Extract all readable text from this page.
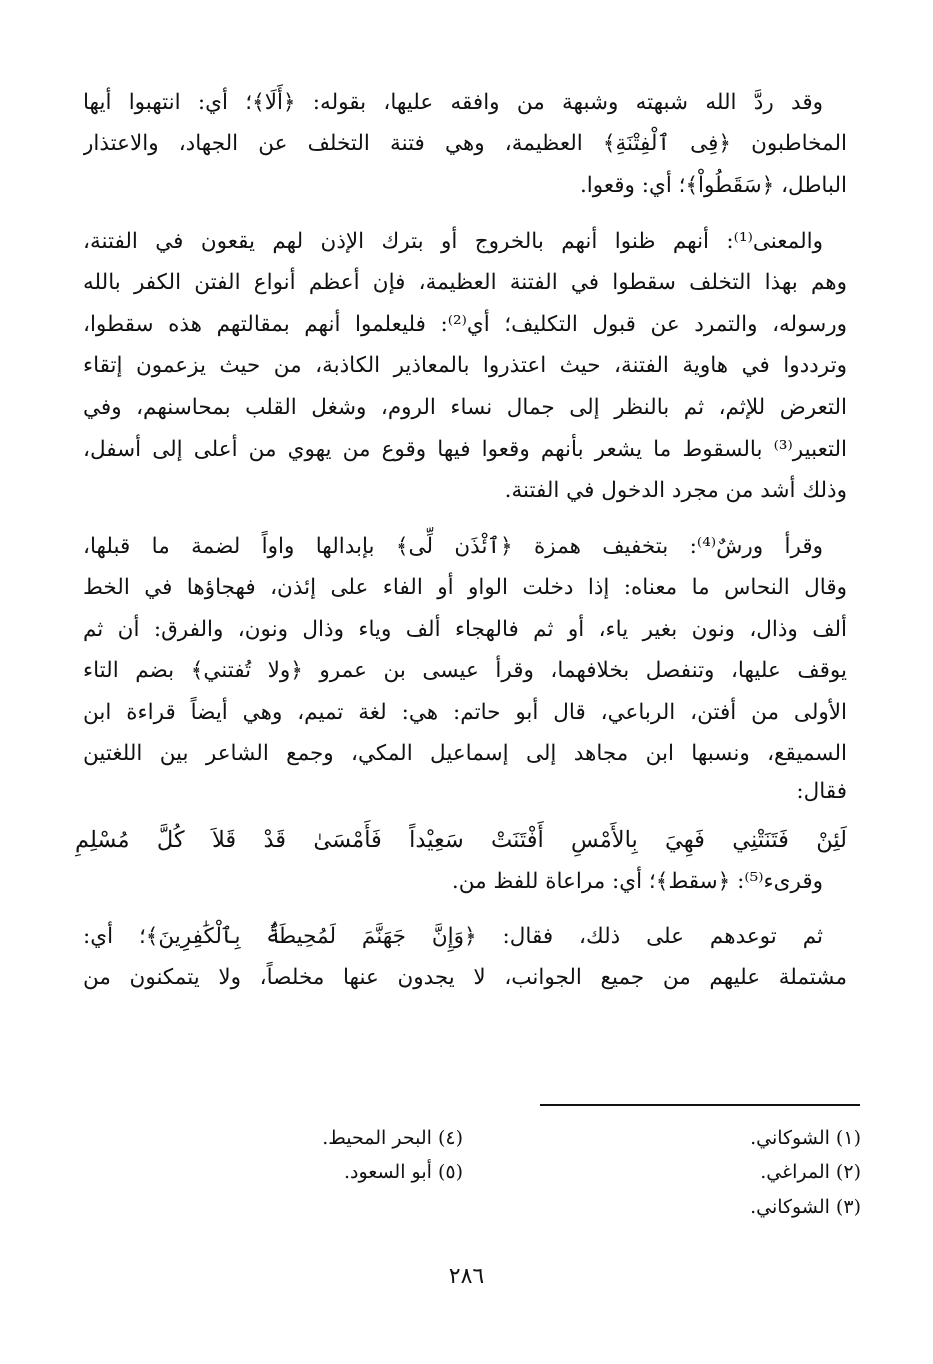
وقد ردَّ الله شبهته وشبهة من وافقه عليها، بقوله: ﴿أَلَا﴾؛ أي: انتهبوا أيها
المخاطبون ﴿فِى ٱلْفِتْنَةِ﴾ العظيمة، وهي فتنة التخلف عن الجهاد، والاعتذار
الباطل، ﴿سَقَطُواْ﴾؛ أي: وقعوا.
والمعنى⁽¹⁾: أنهم ظنوا أنهم بالخروج أو بترك الإذن لهم يقعون في الفتنة،
وهم بهذا التخلف سقطوا في الفتنة العظيمة، فإن أعظم أنواع الفتن الكفر بالله
ورسوله، والتمرد عن قبول التكليف؛ أي⁽²⁾: فليعلموا أنهم بمقالتهم هذه سقطوا،
وترددوا في هاوية الفتنة، حيث اعتذروا بالمعاذير الكاذبة، من حيث يزعمون إتقاء
التعرض للإثم، ثم بالنظر إلى جمال نساء الروم، وشغل القلب بمحاسنهم، وفي
التعبير⁽³⁾ بالسقوط ما يشعر بأنهم وقعوا فيها وقوع من يهوي من أعلى إلى أسفل،
وذلك أشد من مجرد الدخول في الفتنة.
وقرأ ورشٌ⁽⁴⁾: بتخفيف همزة ﴿ٱئْذَن لِّى﴾ بإبدالها واواً لضمة ما قبلها،
وقال النحاس ما معناه: إذا دخلت الواو أو الفاء على إئذن، فهجاؤها في الخط
ألف وذال، ونون بغير ياء، أو ثم فالهجاء ألف وياء وذال ونون، والفرق: أن ثم
يوقف عليها، وتنفصل بخلافهما، وقرأ عيسى بن عمرو ﴿ولا تُفتني﴾ بضم التاء
الأولى من أفتن، الرباعي، قال أبو حاتم: هي: لغة تميم، وهي أيضاً قراءة ابن
السميقع، ونسبها ابن مجاهد إلى إسماعيل المكي، وجمع الشاعر بين اللغتين
فقال:
لَئِنْ فَتَنَتْنِي فَهِيَ بِالأَمْسِ أَفْتَنَتْ سَعِيْداً فَأَمْسَىٰ قَدْ قَلاَ كُلَّ مُسْلِمِ
وقرىء⁽⁵⁾: ﴿سقط﴾؛ أي: مراعاة للفظ من.
ثم توعدهم على ذلك، فقال: ﴿وَإِنَّ جَهَنَّمَ لَمُحِيطَةٌۢ بِٱلْكَٰفِرِينَ﴾؛ أي:
مشتملة عليهم من جميع الجوانب، لا يجدون عنها مخلصاً، ولا يتمكنون من
(١) الشوكاني.
(٢) المراغي.
(٣) الشوكاني.
(٤) البحر المحيط.
(٥) أبو السعود.
٢٨٦
